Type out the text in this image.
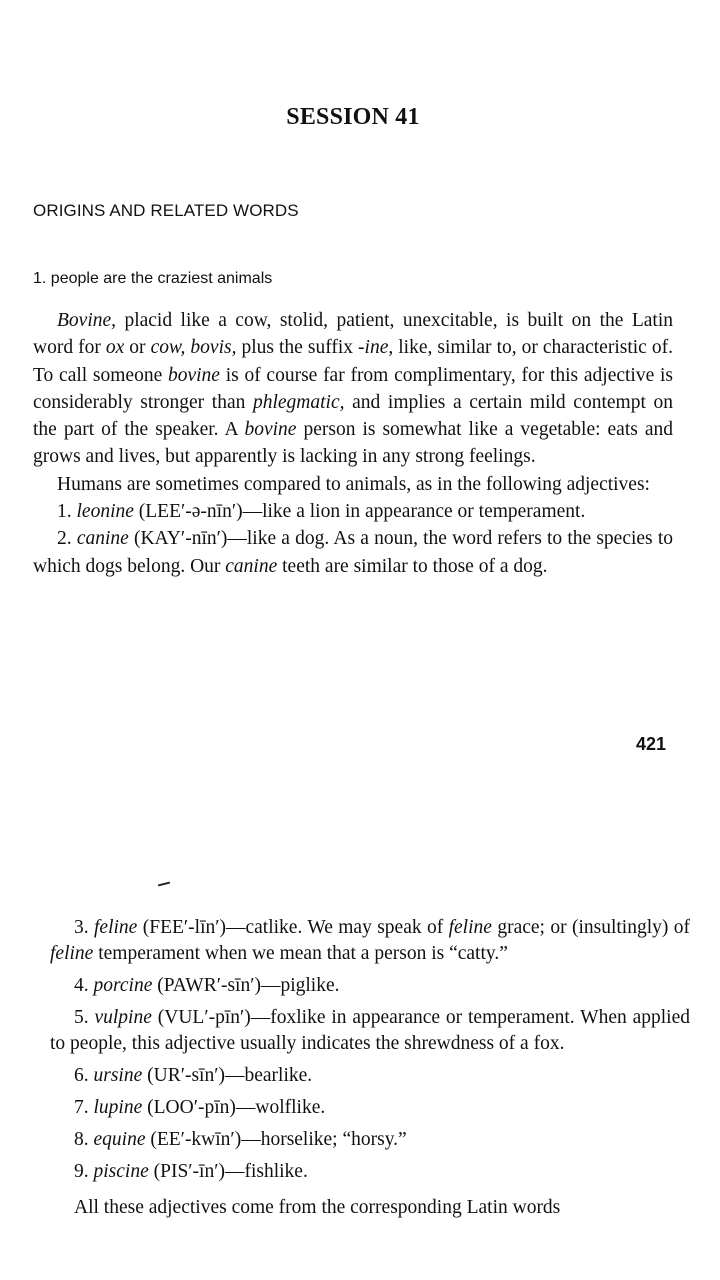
SESSION 41
ORIGINS AND RELATED WORDS
1. people are the craziest animals

Bovine, placid like a cow, stolid, patient, unexcitable, is built on the Latin word for ox or cow, bovis, plus the suffix -ine, like, similar to, or characteristic of. To call someone bovine is of course far from complimentary, for this adjective is considerably stronger than phlegmatic, and implies a certain mild contempt on the part of the speaker. A bovine person is somewhat like a vegetable: eats and grows and lives, but apparently is lacking in any strong feelings.

Humans are sometimes compared to animals, as in the following adjectives:

1. leonine (LEE′-ə-nīn′)—like a lion in appearance or temperament.

2. canine (KAY′-nīn′)—like a dog. As a noun, the word refers to the species to which dogs belong. Our canine teeth are similar to those of a dog.

421

3. feline (FEE′-līn′)—catlike. We may speak of feline grace; or (insultingly) of feline temperament when we mean that a person is “catty.”

4. porcine (PAWR′-sīn′)—piglike.

5. vulpine (VUL′-pīn′)—foxlike in appearance or temperament. When applied to people, this adjective usually indicates the shrewdness of a fox.

6. ursine (UR′-sīn′)—bearlike.

7. lupine (LOO′-pīn)—wolflike.

8. equine (EE′-kwīn′)—horselike; “horsy.”

9. piscine (PIS′-īn′)—fishlike.

All these adjectives come from the corresponding Latin words
